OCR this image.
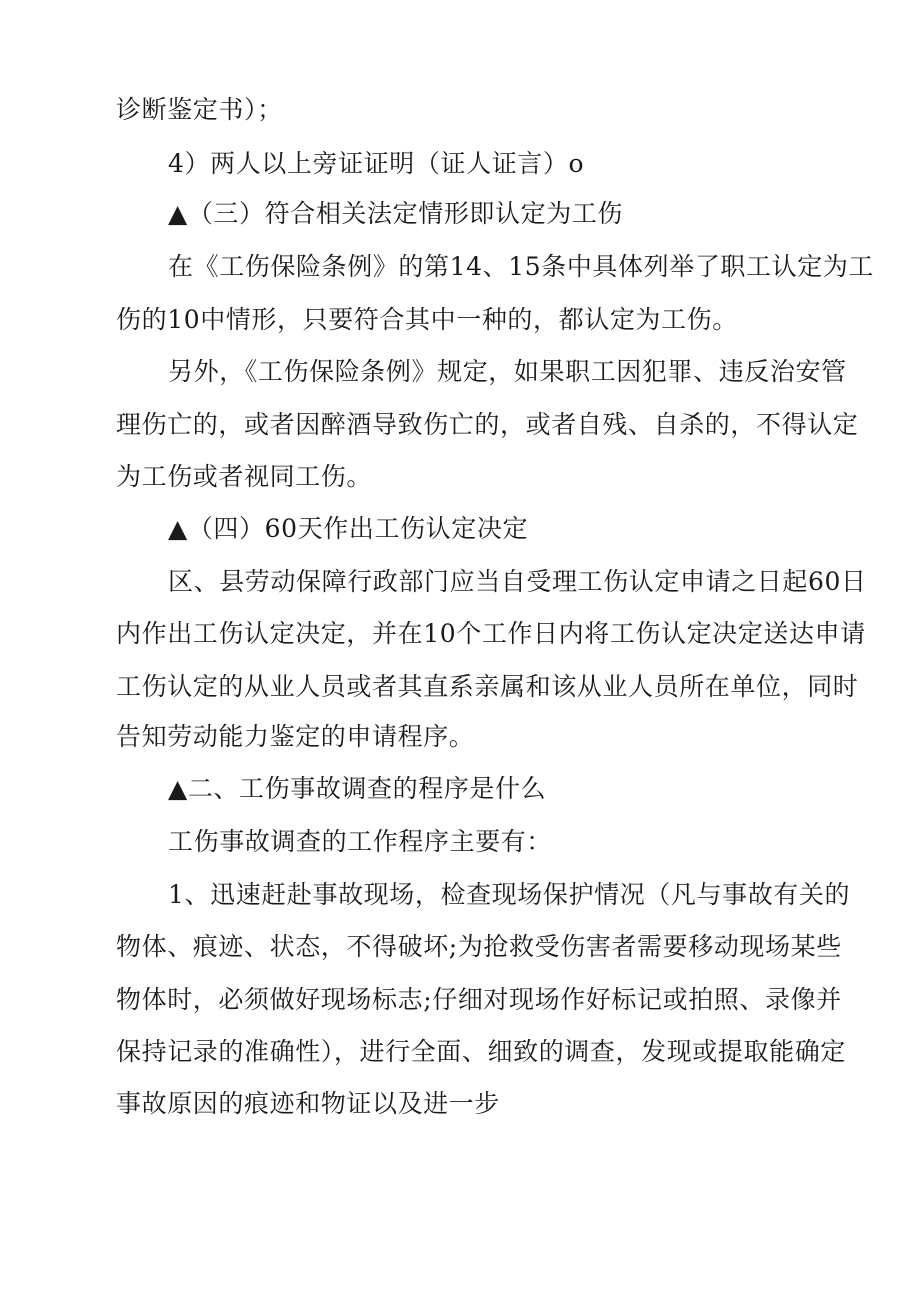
诊断鉴定书）；

4）两人以上旁证证明（证人证言）o

▲（三）符合相关法定情形即认定为工伤

在《工伤保险条例》的第14、15条中具体列举了职工认定为工

伤的10中情形，只要符合其中一种的，都认定为工伤。

另外，《工伤保险条例》规定，如果职工因犯罪、违反治安管

理伤亡的，或者因醉酒导致伤亡的，或者自残、自杀的，不得认定

为工伤或者视同工伤。

▲（四）60天作出工伤认定决定

区、县劳动保障行政部门应当自受理工伤认定申请之日起60日

内作出工伤认定决定，并在10个工作日内将工伤认定决定送达申请

工伤认定的从业人员或者其直系亲属和该从业人员所在单位，同时

告知劳动能力鉴定的申请程序。

▲二、工伤事故调查的程序是什么

工伤事故调查的工作程序主要有：

1、迅速赶赴事故现场，检查现场保护情况（凡与事故有关的

物体、痕迹、状态，不得破坏;为抢救受伤害者需要移动现场某些

物体时，必须做好现场标志;仔细对现场作好标记或拍照、录像并

保持记录的准确性），进行全面、细致的调查，发现或提取能确定

事故原因的痕迹和物证以及进一步
